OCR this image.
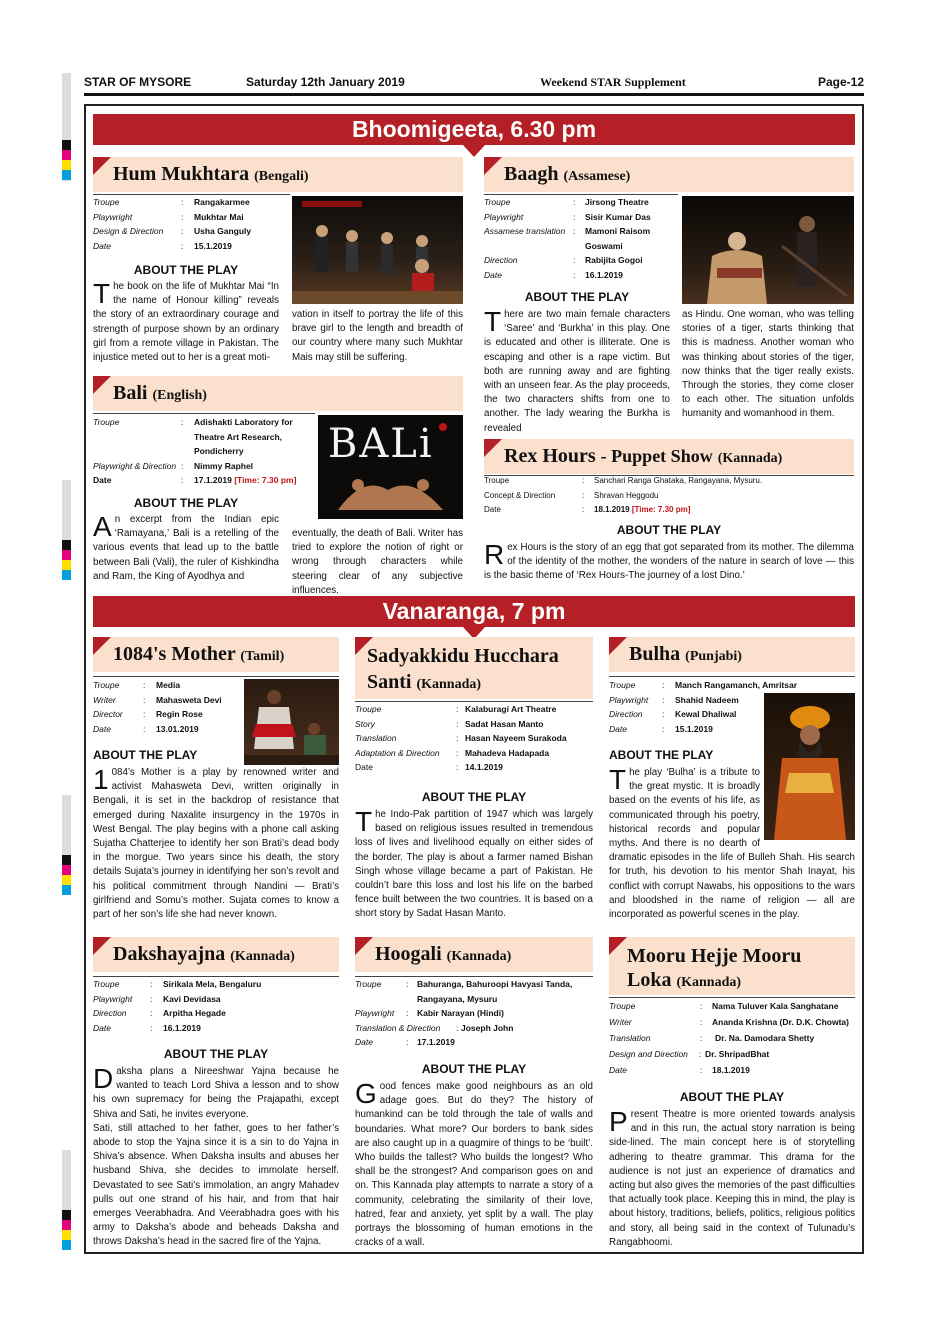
STAR OF MYSORE	Saturday 12th January 2019	Weekend STAR Supplement	Page-12
Bhoomigeeta, 6.30 pm
Hum Mukhtara (Bengali)
Troupe	: Rangakarmee
Playwright	: Mukhtar Mai
Design & Direction : Usha Ganguly
Date	: 15.1.2019
ABOUT THE PLAY
The book on the life of Mukhtar Mai “In the name of Honour killing” reveals the story of an extraordinary courage and strength of purpose shown by an ordinary girl from a remote village in Pakistan. The injustice meted out to her is a great moti-
vation in itself to portray the life of this brave girl to the length and breadth of our country where many such Mukhtar Mais may still be suffering.
Baagh (Assamese)
Troupe	: Jirsong Theatre
Playwright	: Sisir Kumar Das
Assamese translation : Mamoni Raisom
Goswami
Direction	: Rabijita Gogoi
Date	: 16.1.2019
ABOUT THE PLAY
There are two main female characters ‘Saree’ and ‘Burkha’ in this play. One is educated and other is illiterate. One is escaping and other is a rape victim. But both are running away and are fighting with an unseen fear. As the play proceeds, the two characters shifts from one to another. The lady wearing the Burkha is revealed
as Hindu. One woman, who was telling stories of a tiger, starts thinking that this is madness. Another woman who was thinking about stories of the tiger, now thinks that the tiger really exists. Through the stories, they come closer to each other. The situation unfolds humanity and womanhood in them.
Bali (English)
Troupe	: Adishakti Laboratory for
Theatre Art Research,
Pondicherry
Playwright & Direction : Nimmy Raphel
Date	: 17.1.2019 [Time: 7.30 pm]
BALi
ABOUT THE PLAY
An excerpt from the Indian epic ‘Ramayana,’ Bali is a retelling of the various events that lead up to the battle between Bali (Vali), the ruler of Kishkindha and Ram, the King of Ayodhya and
eventually, the death of Bali. Writer has tried to explore the notion of right or wrong through characters while steering clear of any subjective influences.
Rex Hours - Puppet Show (Kannada)
Troupe	: Sanchari Ranga Ghataka, Rangayana, Mysuru.
Concept & Direction	: Shravan Heggodu
Date	: 18.1.2019 [Time: 7.30 pm]
ABOUT THE PLAY
Rex Hours is the story of an egg that got separated from its mother. The dilemma of the identity of the mother, the wonders of the nature in search of love — this is the basic theme of ‘Rex Hours-The journey of a lost Dino.’
Vanaranga, 7 pm
1084's Mother (Tamil)
Troupe	: Media
Writer	: Mahasweta Devi
Director : Regin Rose
Date	: 13.01.2019
ABOUT THE PLAY
1 084’s Mother is a play by renowned writer and activist Mahasweta Devi, written originally in Bengali, it is set in the backdrop of resistance that emerged during Naxalite insurgency in the 1970s in West Bengal. The play begins with a phone call asking Sujatha Chatterjee to identify her son Brati’s dead body in the morgue. Two years since his death, the story details Sujata’s journey in identifying her son’s revolt and his political commitment through Nandini — Brati’s girlfriend and Somu’s mother. Sujata comes to know a part of her son’s life she had never known.
Sadyakkidu Hucchara
Santi (Kannada)
Troupe	: Kalaburagi Art Theatre
Story	: Sadat Hasan Manto
Translation	: Hasan Nayeem Surakoda
Adaptation & Direction : Mahadeva Hadapada
Date	: 14.1.2019
ABOUT THE PLAY
The Indo-Pak partition of 1947 which was largely based on religious issues resulted in tremendous loss of lives and livelihood equally on either sides of the border. The play is about a farmer named Bishan Singh whose village became a part of Pakistan. He couldn’t bare this loss and lost his life on the barbed fence built between the two countries. It is based on a short story by Sadat Hasan Manto.
Bulha (Punjabi)
Troupe	: Manch Rangamanch, Amritsar
Playwright : Shahid Nadeem
Direction : Kewal Dhaliwal
Date	: 15.1.2019
ABOUT THE PLAY
The play ‘Bulha’ is a tribute to the great mystic. It is broadly based on the events of his life, as communicated through his poetry, historical records and popular myths. And there is no dearth of dramatic episodes in the life of Bulleh Shah. His search for truth, his devotion to his mentor Shah Inayat, his conflict with corrupt Nawabs, his oppositions to the wars and bloodshed in the name of religion — all are incorporated as powerful scenes in the play.
Dakshayajna (Kannada)
Troupe	: Sirikala Mela, Bengaluru
Playwright : Kavi Devidasa
Direction	: Arpitha Hegade
Date	: 16.1.2019
ABOUT THE PLAY
Daksha plans a Nireeshwar Yajna because he wanted to teach Lord Shiva a lesson and to show his own supremacy for being the Prajapathi, except Shiva and Sati, he invites everyone.
Sati, still attached to her father, goes to her father’s abode to stop the Yajna since it is a sin to do Yajna in Shiva’s absence. When Daksha insults and abuses her husband Shiva, she decides to immolate herself. Devastated to see Sati’s immolation, an angry Mahadev pulls out one strand of his hair, and from that hair emerges Veerabhadra. And Veerabhadra goes with his army to Daksha’s abode and beheads Daksha and throws Daksha’s head in the sacred fire of the Yajna.
Hoogali (Kannada)
Troupe	: Bahuranga, Bahuroopi Havyasi Tanda,
Rangayana, Mysuru
Playwright : Kabir Narayan (Hindi)
Translation & Direction : Joseph John
Date	: 17.1.2019
ABOUT THE PLAY
Good fences make good neighbours as an old adage goes. But do they? The history of humankind can be told through the tale of walls and boundaries. What more? Our borders to bank sides are also caught up in a quagmire of things to be ‘built’. Who builds the tallest? Who builds the longest? Who shall be the strongest? And comparison goes on and on. This Kannada play attempts to narrate a story of a community, celebrating the similarity of their love, hatred, fear and anxiety, yet split by a wall. The play portrays the blossoming of human emotions in the cracks of a wall.
Mooru Hejje Mooru
Loka (Kannada)
Troupe	: Nama Tuluver Kala Sanghatane
Writer	: Ananda Krishna (Dr. D.K. Chowta)
Translation	: Dr. Na. Damodara Shetty
Design and Direction : Dr. ShripadBhat
Date	: 18.1.2019
ABOUT THE PLAY
Present Theatre is more oriented towards analysis and in this run, the actual story narration is being side-lined. The main concept here is of storytelling adhering to theatre grammar. This drama for the audience is not just an experience of dramatics and acting but also gives the memories of the past difficulties that actually took place. Keeping this in mind, the play is about history, traditions, beliefs, politics, religious politics and story, all being said in the context of Tulunadu’s Rangabhoomi.
